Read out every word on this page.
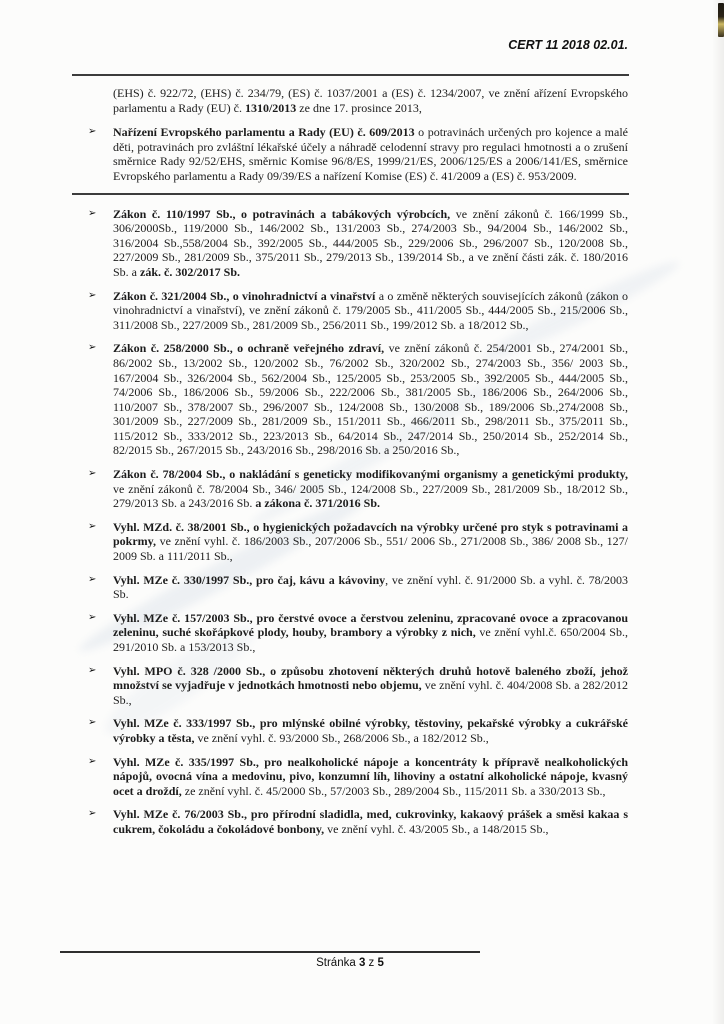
CERT 11 2018 02.01.

(EHS) č. 922/72, (EHS) č. 234/79, (ES) č. 1037/2001 a (ES) č. 1234/2007, ve znění ařízení Evropského parlamentu a Rady (EU) č. 1310/2013 ze dne 17. prosince 2013,

➢ Nařízení Evropského parlamentu a Rady (EU) č. 609/2013 o potravinách určených pro kojence a malé děti, potravinách pro zvláštní lékařské účely a náhradě celodenní stravy pro regulaci hmotnosti a o zrušení směrnice Rady 92/52/EHS, směrnic Komise 96/8/ES, 1999/21/ES, 2006/125/ES a 2006/141/ES, směrnice Evropského parlamentu a Rady 09/39/ES a nařízení Komise (ES) č. 41/2009 a (ES) č. 953/2009.

➢ Zákon č. 110/1997 Sb., o potravinách a tabákových výrobcích, ve znění zákonů č. 166/1999 Sb., 306/2000Sb., 119/2000 Sb., 146/2002 Sb., 131/2003 Sb., 274/2003 Sb., 94/2004 Sb., 146/2002 Sb., 316/2004 Sb.,558/2004 Sb., 392/2005 Sb., 444/2005 Sb., 229/2006 Sb., 296/2007 Sb., 120/2008 Sb., 227/2009 Sb., 281/2009 Sb., 375/2011 Sb., 279/2013 Sb., 139/2014 Sb., a ve znění části zák. č. 180/2016 Sb. a zák. č. 302/2017 Sb.

➢ Zákon č. 321/2004 Sb., o vinohradnictví a vinařství a o změně některých souvisejících zákonů (zákon o vinohradnictví a vinařství), ve znění zákonů č. 179/2005 Sb., 411/2005 Sb., 444/2005 Sb., 215/2006 Sb., 311/2008 Sb., 227/2009 Sb., 281/2009 Sb., 256/2011 Sb., 199/2012 Sb. a 18/2012 Sb.,

➢ Zákon č. 258/2000 Sb., o ochraně veřejného zdraví, ve znění zákonů č. 254/2001 Sb., 274/2001 Sb., 86/2002 Sb., 13/2002 Sb., 120/2002 Sb., 76/2002 Sb., 320/2002 Sb., 274/2003 Sb., 356/ 2003 Sb., 167/2004 Sb., 326/2004 Sb., 562/2004 Sb., 125/2005 Sb., 253/2005 Sb., 392/2005 Sb., 444/2005 Sb., 74/2006 Sb., 186/2006 Sb., 59/2006 Sb., 222/2006 Sb., 381/2005 Sb., 186/2006 Sb., 264/2006 Sb., 110/2007 Sb., 378/2007 Sb., 296/2007 Sb., 124/2008 Sb., 130/2008 Sb., 189/2006 Sb.,274/2008 Sb., 301/2009 Sb., 227/2009 Sb., 281/2009 Sb., 151/2011 Sb., 466/2011 Sb., 298/2011 Sb., 375/2011 Sb., 115/2012 Sb., 333/2012 Sb., 223/2013 Sb., 64/2014 Sb., 247/2014 Sb., 250/2014 Sb., 252/2014 Sb., 82/2015 Sb., 267/2015 Sb., 243/2016 Sb., 298/2016 Sb. a 250/2016 Sb.,

➢ Zákon č. 78/2004 Sb., o nakládání s geneticky modifikovanými organismy a genetickými produkty, ve znění zákonů č. 78/2004 Sb., 346/ 2005 Sb., 124/2008 Sb., 227/2009 Sb., 281/2009 Sb., 18/2012 Sb., 279/2013 Sb. a 243/2016 Sb. a zákona č. 371/2016 Sb.

➢ Vyhl. MZd. č. 38/2001 Sb., o hygienických požadavcích na výrobky určené pro styk s potravinami a pokrmy, ve znění vyhl. č. 186/2003 Sb., 207/2006 Sb., 551/ 2006 Sb., 271/2008 Sb., 386/ 2008 Sb., 127/ 2009 Sb. a 111/2011 Sb.,

➢ Vyhl. MZe č. 330/1997 Sb., pro čaj, kávu a kávoviny, ve znění vyhl. č. 91/2000 Sb. a vyhl. č. 78/2003 Sb.

➢ Vyhl. MZe č. 157/2003 Sb., pro čerstvé ovoce a čerstvou zeleninu, zpracované ovoce a zpracovanou zeleninu, suché skořápkové plody, houby, brambory a výrobky z nich, ve znění vyhl.č. 650/2004 Sb., 291/2010 Sb. a 153/2013 Sb.,

➢ Vyhl. MPO č. 328 /2000 Sb., o způsobu zhotovení některých druhů hotově baleného zboží, jehož množství se vyjadřuje v jednotkách hmotnosti nebo objemu, ve znění vyhl. č. 404/2008 Sb. a 282/2012 Sb.,

➢ Vyhl. MZe č. 333/1997 Sb., pro mlýnské obilné výrobky, těstoviny, pekařské výrobky a cukrářské výrobky a těsta, ve znění vyhl. č. 93/2000 Sb., 268/2006 Sb., a 182/2012 Sb.,

➢ Vyhl. MZe č. 335/1997 Sb., pro nealkoholické nápoje a koncentráty k přípravě nealkoholických nápojů, ovocná vína a medovinu, pivo, konzumní líh, lihoviny a ostatní alkoholické nápoje, kvasný ocet a droždí, ze znění vyhl. č. 45/2000 Sb., 57/2003 Sb., 289/2004 Sb., 115/2011 Sb. a 330/2013 Sb.,

➢ Vyhl. MZe č. 76/2003 Sb., pro přírodní sladidla, med, cukrovinky, kakaový prášek a směsi kakaa s cukrem, čokoládu a čokoládové bonbony, ve znění vyhl. č. 43/2005 Sb., a 148/2015 Sb.,

Stránka 3 z 5
